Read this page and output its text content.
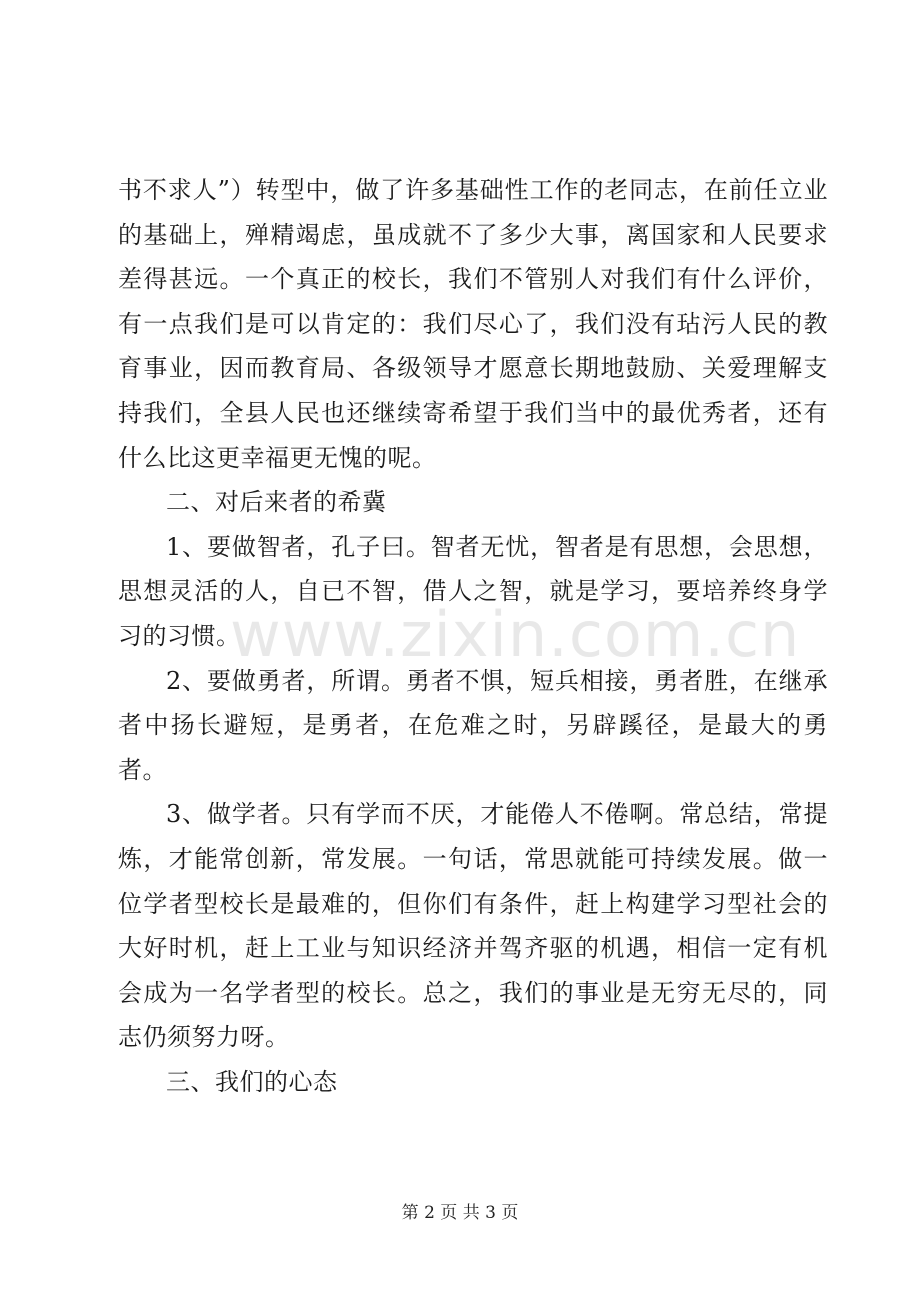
书不求人”）转型中，做了许多基础性工作的老同志，在前任立业的基础上，殚精竭虑，虽成就不了多少大事，离国家和人民要求差得甚远。一个真正的校长，我们不管别人对我们有什么评价，有一点我们是可以肯定的：我们尽心了，我们没有玷污人民的教育事业，因而教育局、各级领导才愿意长期地鼓励、关爱理解支持我们，全县人民也还继续寄希望于我们当中的最优秀者，还有什么比这更幸福更无愧的呢。

二、对后来者的希冀

1、要做智者，孔子曰。智者无忧，智者是有思想，会思想，思想灵活的人，自已不智，借人之智，就是学习，要培养终身学习的习惯。

2、要做勇者，所谓。勇者不惧，短兵相接，勇者胜，在继承者中扬长避短，是勇者，在危难之时，另辟蹊径，是最大的勇者。

3、做学者。只有学而不厌，才能倦人不倦啊。常总结，常提炼，才能常创新，常发展。一句话，常思就能可持续发展。做一位学者型校长是最难的，但你们有条件，赶上构建学习型社会的大好时机，赶上工业与知识经济并驾齐驱的机遇，相信一定有机会成为一名学者型的校长。总之，我们的事业是无穷无尽的，同志仍须努力呀。

三、我们的心态

www.zixin.com.cn
第 2 页 共 3 页
